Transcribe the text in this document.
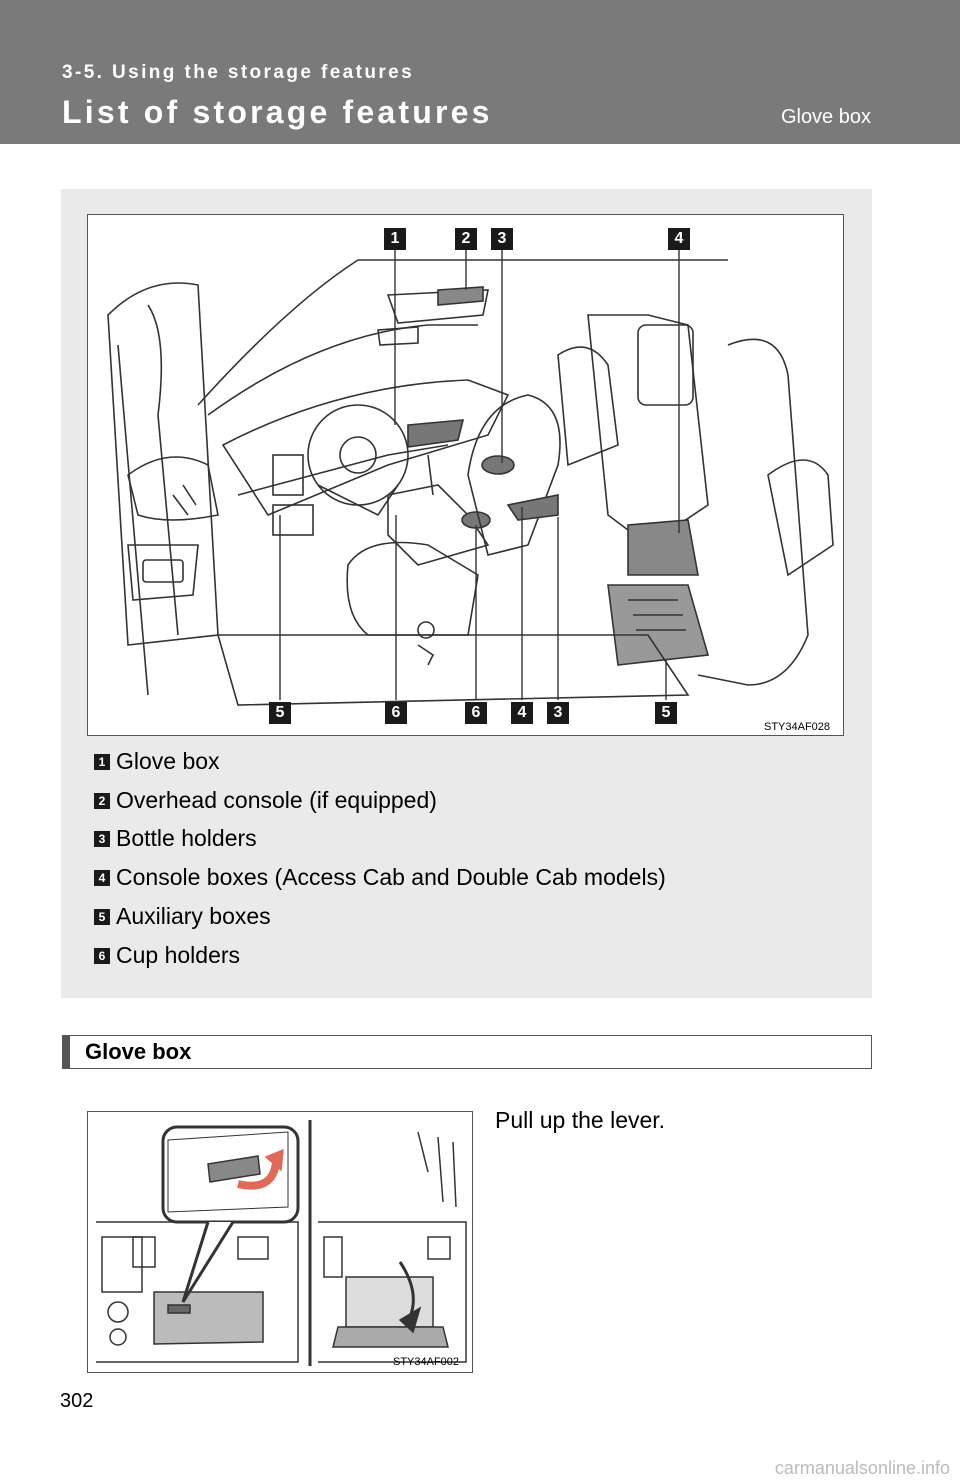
3-5. Using the storage features
List of storage features	Glove box
1	2	3	4
5	6	6	4	3	5
STY34AF028
1 Glove box
2 Overhead console (if equipped)
3 Bottle holders
4 Console boxes (Access Cab and Double Cab models)
5 Auxiliary boxes
6 Cup holders
Glove box
STY34AF002
Pull up the lever.
302
carmanualsonline.info
